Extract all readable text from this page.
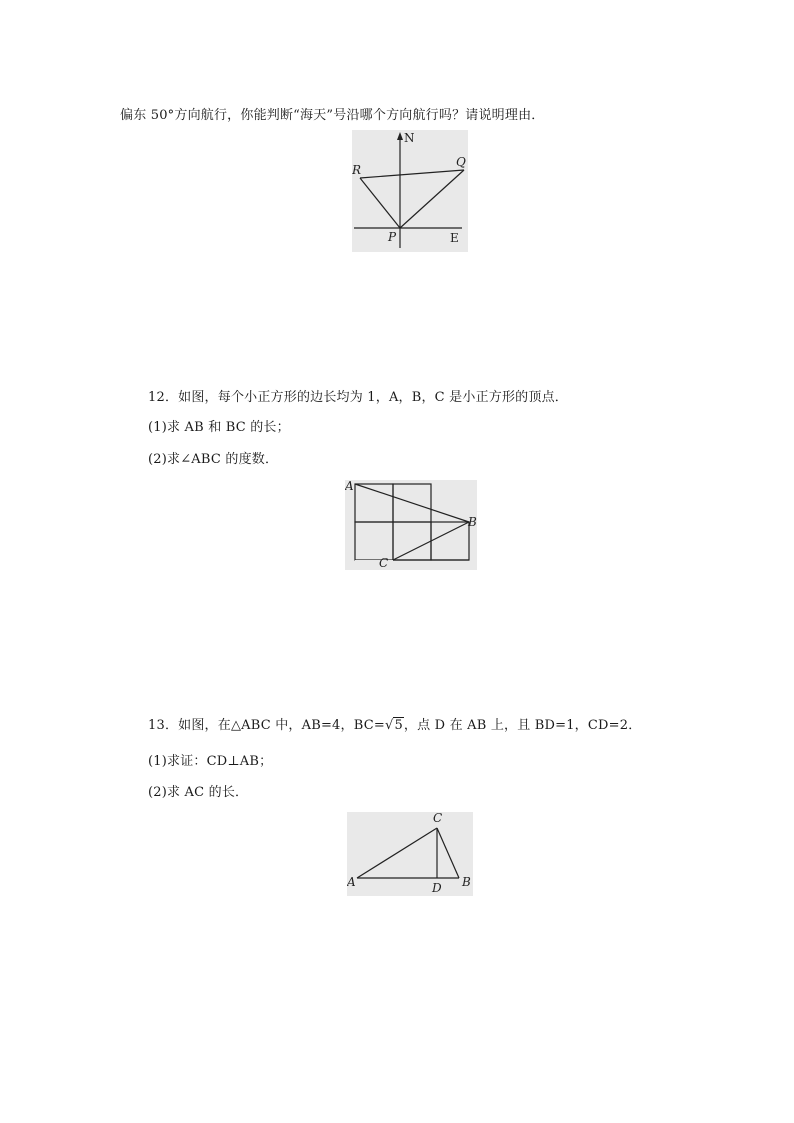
偏东 50°方向航行，你能判断“海天”号沿哪个方向航行吗？请说明理由．
N
E
P
Q
R
12．如图，每个小正方形的边长均为 1，A，B，C 是小正方形的顶点．
(1)求 AB 和 BC 的长；
(2)求∠ABC 的度数．
A
B
C
13．如图，在△ABC 中，AB=4，BC=√5，点 D 在 AB 上，且 BD=1，CD=2．
(1)求证：CD⊥AB；
(2)求 AC 的长．
A	B
C
D
